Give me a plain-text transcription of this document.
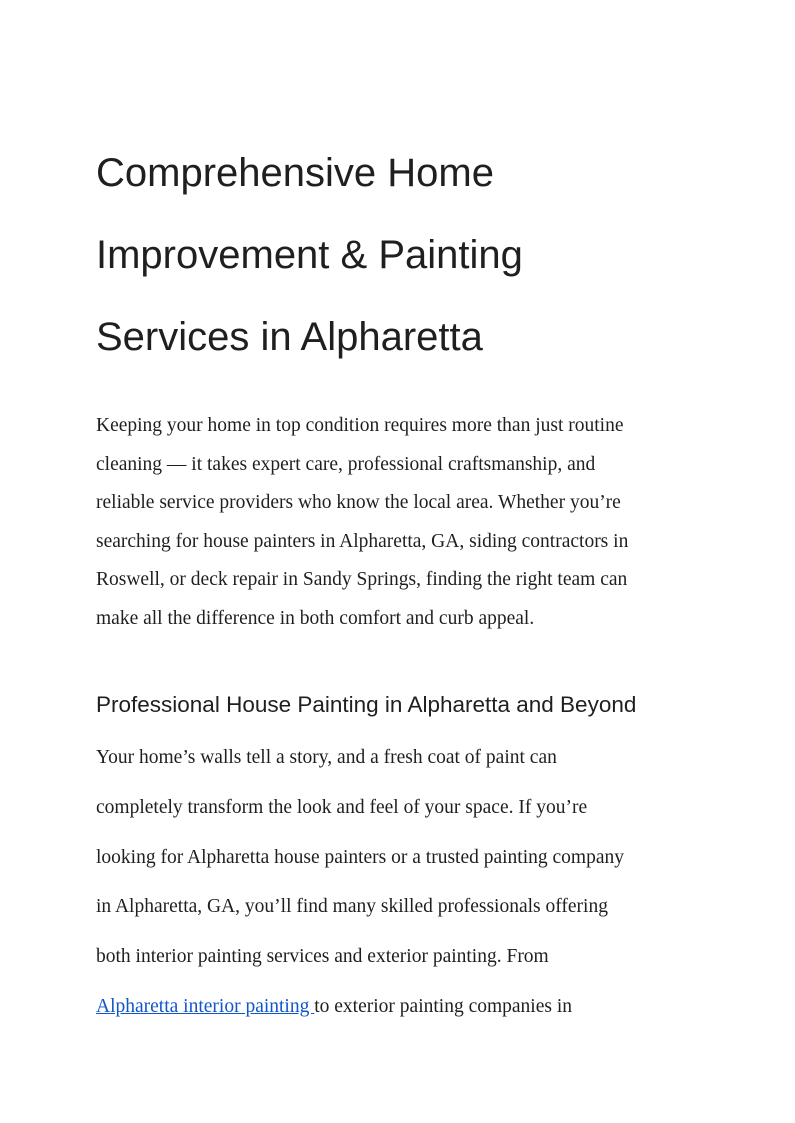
Comprehensive Home
Improvement & Painting
Services in Alpharetta

Keeping your home in top condition requires more than just routine
cleaning — it takes expert care, professional craftsmanship, and
reliable service providers who know the local area. Whether you’re
searching for house painters in Alpharetta, GA, siding contractors in
Roswell, or deck repair in Sandy Springs, finding the right team can
make all the difference in both comfort and curb appeal.

Professional House Painting in Alpharetta and Beyond

Your home’s walls tell a story, and a fresh coat of paint can
completely transform the look and feel of your space. If you’re
looking for Alpharetta house painters or a trusted painting company
in Alpharetta, GA, you’ll find many skilled professionals offering
both interior painting services and exterior painting. From
Alpharetta interior painting to exterior painting companies in
